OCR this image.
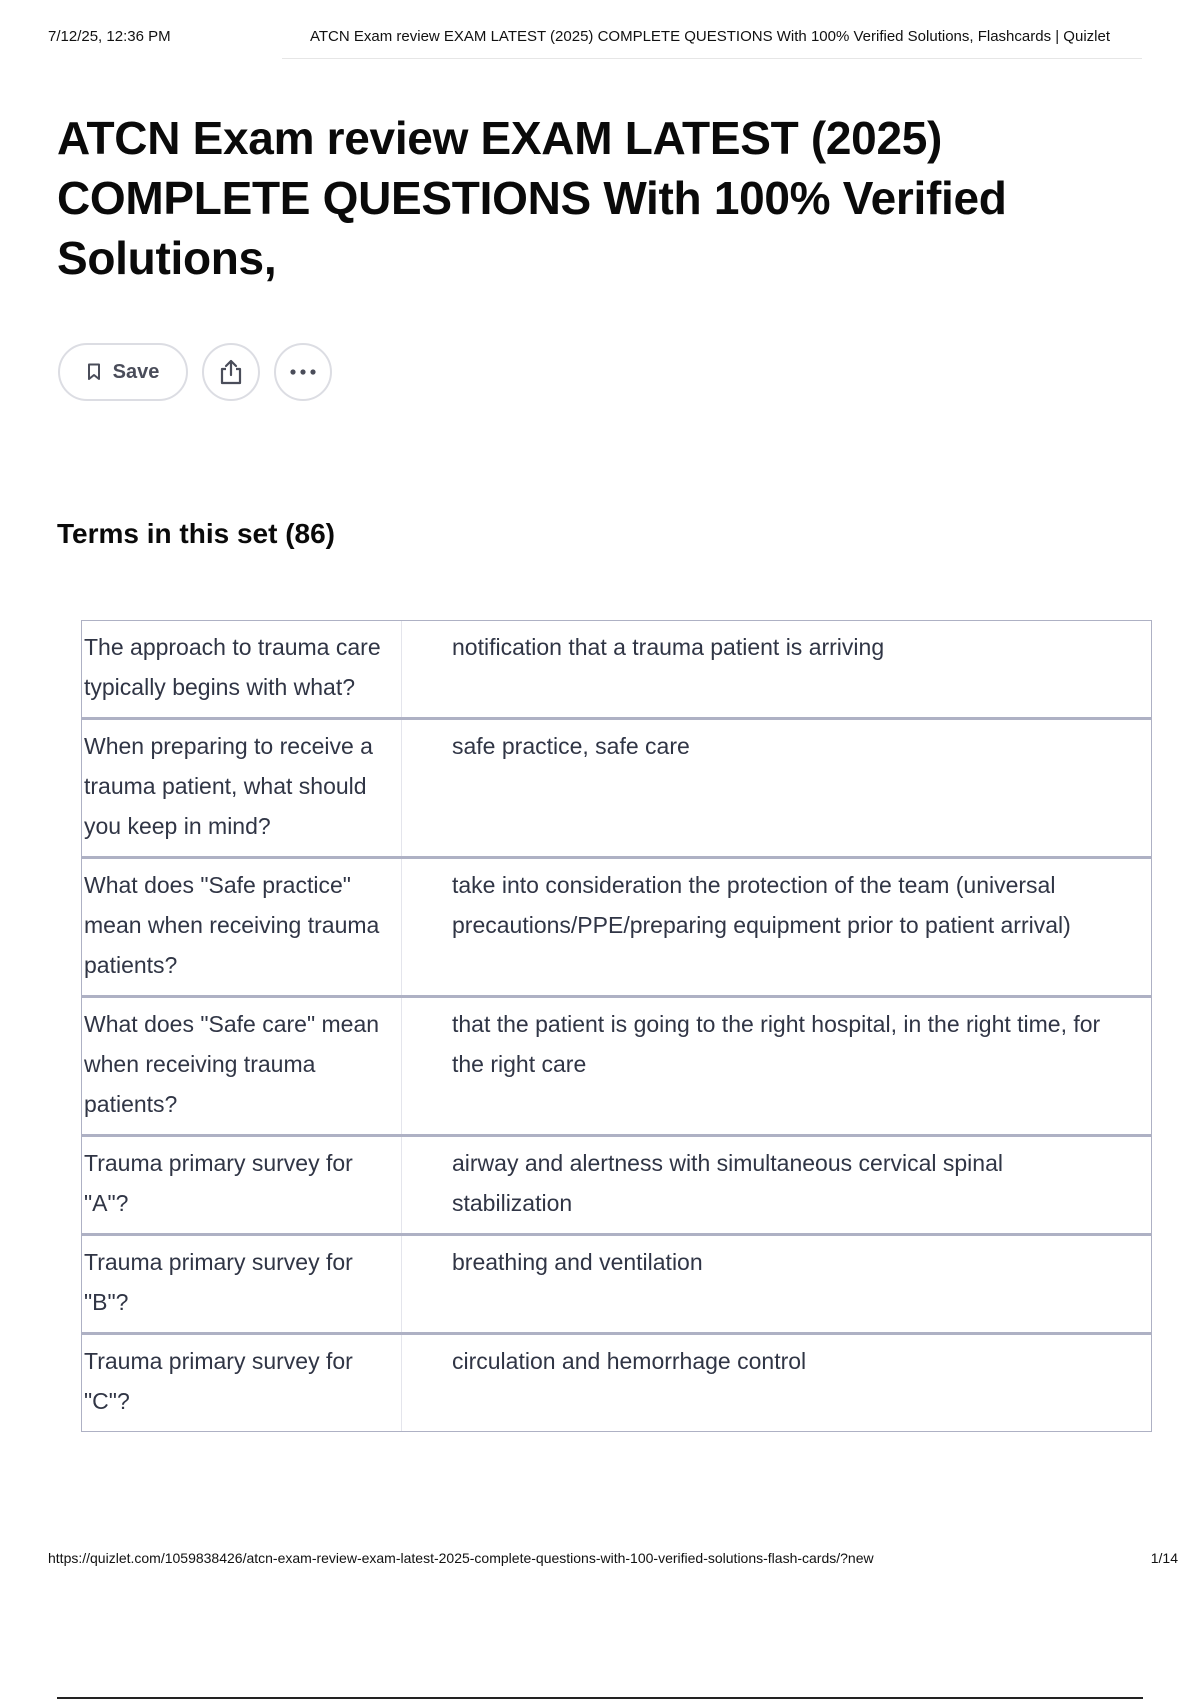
7/12/25, 12:36 PM	ATCN Exam review EXAM LATEST (2025) COMPLETE QUESTIONS With 100% Verified Solutions, Flashcards | Quizlet
ATCN Exam review EXAM LATEST (2025) COMPLETE QUESTIONS With 100% Verified Solutions,
Save
Terms in this set (86)
The approach to trauma care typically begins with what?
notification that a trauma patient is arriving
When preparing to receive a trauma patient, what should you keep in mind?
safe practice, safe care
What does "Safe practice" mean when receiving trauma patients?
take into consideration the protection of the team (universal precautions/PPE/preparing equipment prior to patient arrival)
What does "Safe care" mean when receiving trauma patients?
that the patient is going to the right hospital, in the right time, for the right care
Trauma primary survey for "A"?
airway and alertness with simultaneous cervical spinal stabilization
Trauma primary survey for "B"?
breathing and ventilation
Trauma primary survey for "C"?
circulation and hemorrhage control
https://quizlet.com/1059838426/atcn-exam-review-exam-latest-2025-complete-questions-with-100-verified-solutions-flash-cards/?new	1/14
